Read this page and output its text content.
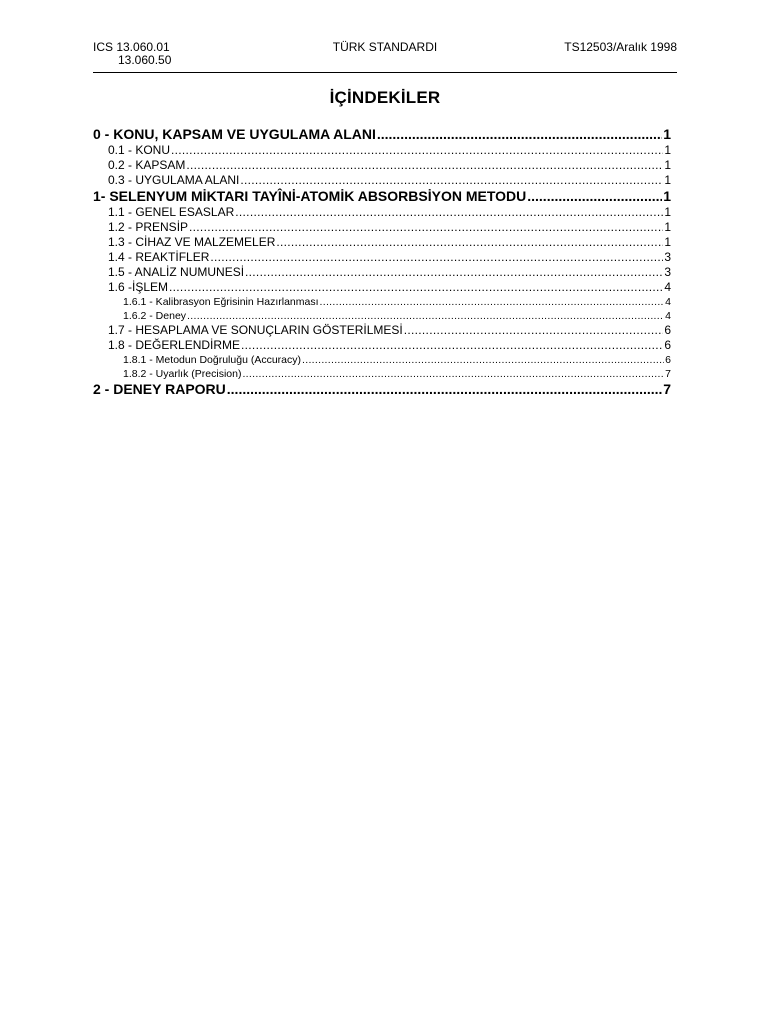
ICS 13.060.01
13.060.50
TÜRK STANDARDI	TS12503/Aralık 1998
İÇİNDEKİLER
0 - KONU, KAPSAM VE UYGULAMA ALANI .....	1
0.1 - KONU .....	1
0.2 - KAPSAM .....	1
0.3 - UYGULAMA ALANI .....	1
1- SELENYUM MİKTARI TAYÎNİ-ATOMİK ABSORBSİYON METODU .....	1
1.1 - GENEL ESASLAR .....	1
1.2 - PRENSİP .....	1
1.3 - CİHAZ VE MALZEMELER .....	1
1.4 - REAKTİFLER .....	3
1.5 - ANALİZ NUMUNESİ .....	3
1.6 -İŞLEM .....	4
1.6.1 - Kalibrasyon Eğrisinin Hazırlanması .....	4
1.6.2 - Deney .....	4
1.7 - HESAPLAMA VE SONUÇLARIN GÖSTERİLMESİ .....	6
1.8 - DEĞERLENDİRME .....	6
1.8.1 - Metodun Doğruluğu (Accuracy) .....	6
1.8.2 - Uyarlık (Precision) .....	7
2 - DENEY RAPORU .....	7
